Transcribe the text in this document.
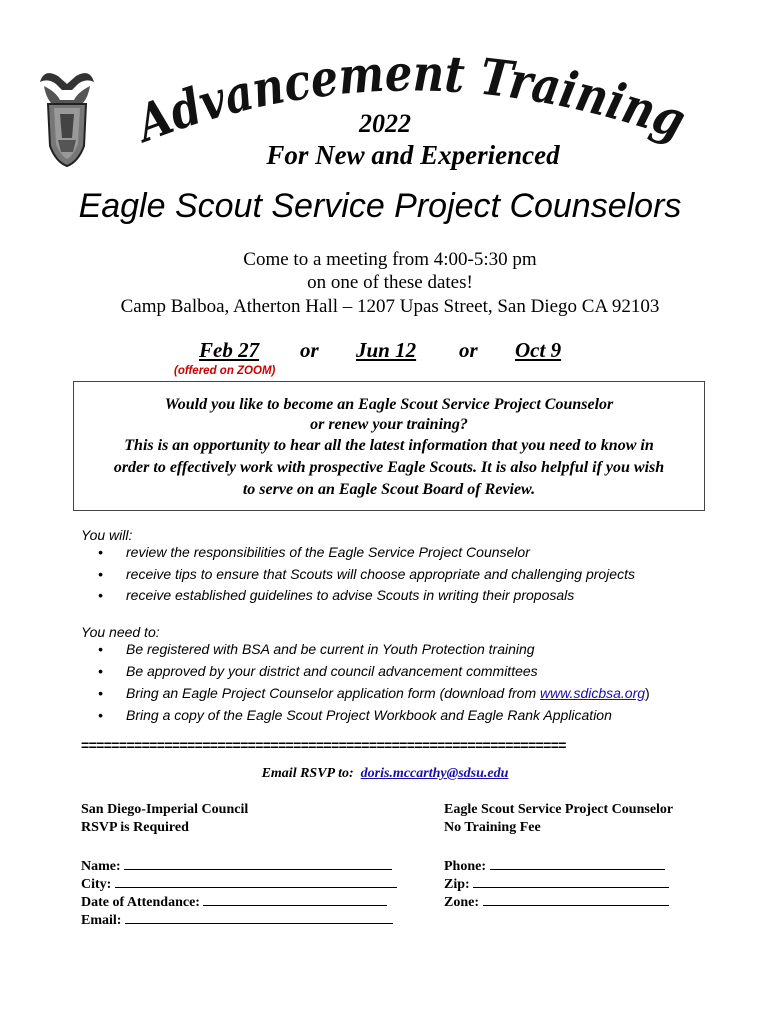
Advancement Training
2022
For New and Experienced
Eagle Scout Service Project Counselors
Come to a meeting from 4:00-5:30 pm
on one of these dates!
Camp Balboa, Atherton Hall – 1207 Upas Street, San Diego CA 92103
Feb 27 or Jun 12 or Oct 9
(offered on ZOOM)
Would you like to become an Eagle Scout Service Project Counselor
or renew your training?
This is an opportunity to hear all the latest information that you need to know in
order to effectively work with prospective Eagle Scouts. It is also helpful if you wish
to serve on an Eagle Scout Board of Review.
You will:
• review the responsibilities of the Eagle Service Project Counselor
• receive tips to ensure that Scouts will choose appropriate and challenging projects
• receive established guidelines to advise Scouts in writing their proposals
You need to:
• Be registered with BSA and be current in Youth Protection training
• Be approved by your district and council advancement committees
• Bring an Eagle Project Counselor application form (download from www.sdicbsa.org)
• Bring a copy of the Eagle Scout Project Workbook and Eagle Rank Application
================================================================
Email RSVP to: doris.mccarthy@sdsu.edu
San Diego-Imperial Council
RSVP is Required
Eagle Scout Service Project Counselor
No Training Fee
Name:
City:
Date of Attendance:
Email:
Phone:
Zip:
Zone:
